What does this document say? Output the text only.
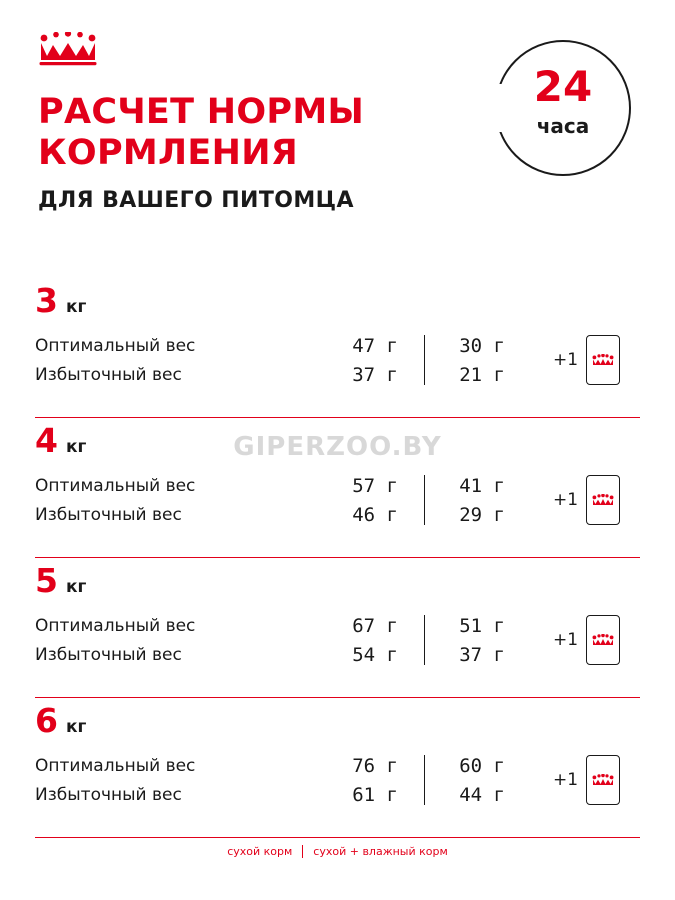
РАСЧЕТ НОРМЫ
КОРМЛЕНИЯ
ДЛЯ ВАШЕГО ПИТОМЦА
24
часа
GIPERZOO.BY
3 кг
Оптимальный вес	47 г	30 г
Избыточный вес	37 г	21 г
+1
4 кг
Оптимальный вес	57 г	41 г
Избыточный вес	46 г	29 г
+1
5 кг
Оптимальный вес	67 г	51 г
Избыточный вес	54 г	37 г
+1
6 кг
Оптимальный вес	76 г	60 г
Избыточный вес	61 г	44 г
+1
сухой корм сухой + влажный корм
